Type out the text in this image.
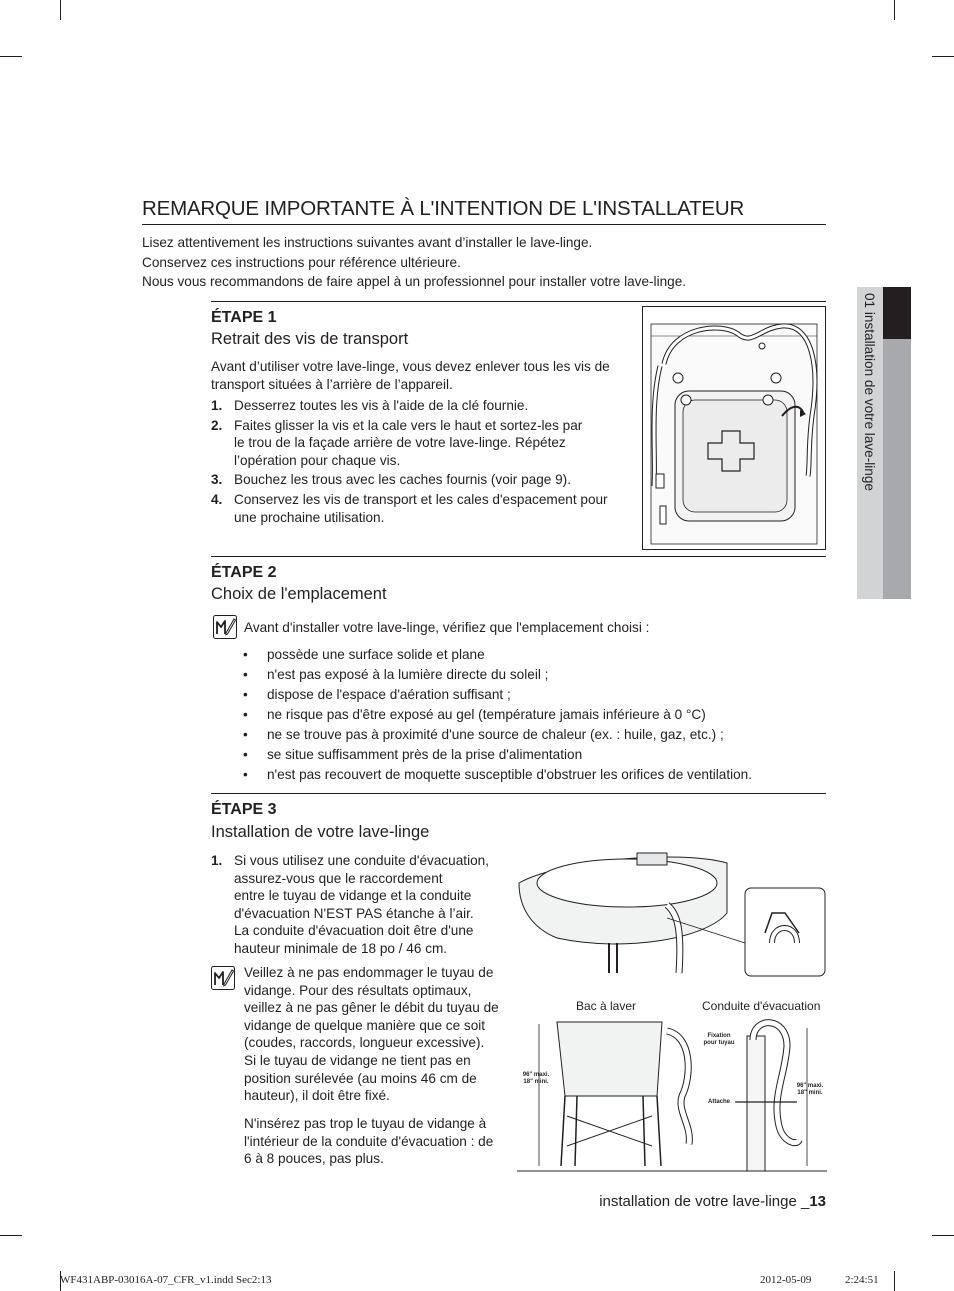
01 installation de votre lave-linge
REMARQUE IMPORTANTE À L'INTENTION DE L'INSTALLATEUR
Lisez attentivement les instructions suivantes avant d’installer le lave-linge.
Conservez ces instructions pour référence ultérieure.
Nous vous recommandons de faire appel à un professionnel pour installer votre lave-linge.
ÉTAPE 1
Retrait des vis de transport
Avant d’utiliser votre lave-linge, vous devez enlever tous les vis de
transport situées à l’arrière de l’appareil.
1. Desserrez toutes les vis à l'aide de la clé fournie.
2. Faites glisser la vis et la cale vers le haut et sortez-les par
le trou de la façade arrière de votre lave-linge. Répétez
l’opération pour chaque vis.
3. Bouchez les trous avec les caches fournis (voir page 9).
4. Conservez les vis de transport et les cales d'espacement pour
une prochaine utilisation.
ÉTAPE 2
Choix de l'emplacement
Avant d'installer votre lave-linge, vérifiez que l'emplacement choisi :
• possède une surface solide et plane
• n'est pas exposé à la lumière directe du soleil ;
• dispose de l'espace d'aération suffisant ;
• ne risque pas d'être exposé au gel (température jamais inférieure à 0 °C)
• ne se trouve pas à proximité d'une source de chaleur (ex. : huile, gaz, etc.) ;
• se situe suffisamment près de la prise d'alimentation
• n'est pas recouvert de moquette susceptible d'obstruer les orifices de ventilation.
ÉTAPE 3
Installation de votre lave-linge
1. Si vous utilisez une conduite d'évacuation,
assurez-vous que le raccordement
entre le tuyau de vidange et la conduite
d'évacuation N'EST PAS étanche à l’air.
La conduite d'évacuation doit être d'une
hauteur minimale de 18 po / 46 cm.
Veillez à ne pas endommager le tuyau de
vidange. Pour des résultats optimaux,
veillez à ne pas gêner le débit du tuyau de
vidange de quelque manière que ce soit
(coudes, raccords, longueur excessive).
Si le tuyau de vidange ne tient pas en
position surélevée (au moins 46 cm de
hauteur), il doit être fixé.
N'insérez pas trop le tuyau de vidange à
l'intérieur de la conduite d'évacuation : de
6 à 8 pouces, pas plus.
Bac à laver	Conduite d'évacuation
96" maxi.
18" mini.
Fixation
pour tuyau
Attache
96" maxi.
18" mini.
installation de votre lave-linge _13
WF431ABP-03016A-07_CFR_v1.indd Sec2:13	2012-05-09	2:24:51
